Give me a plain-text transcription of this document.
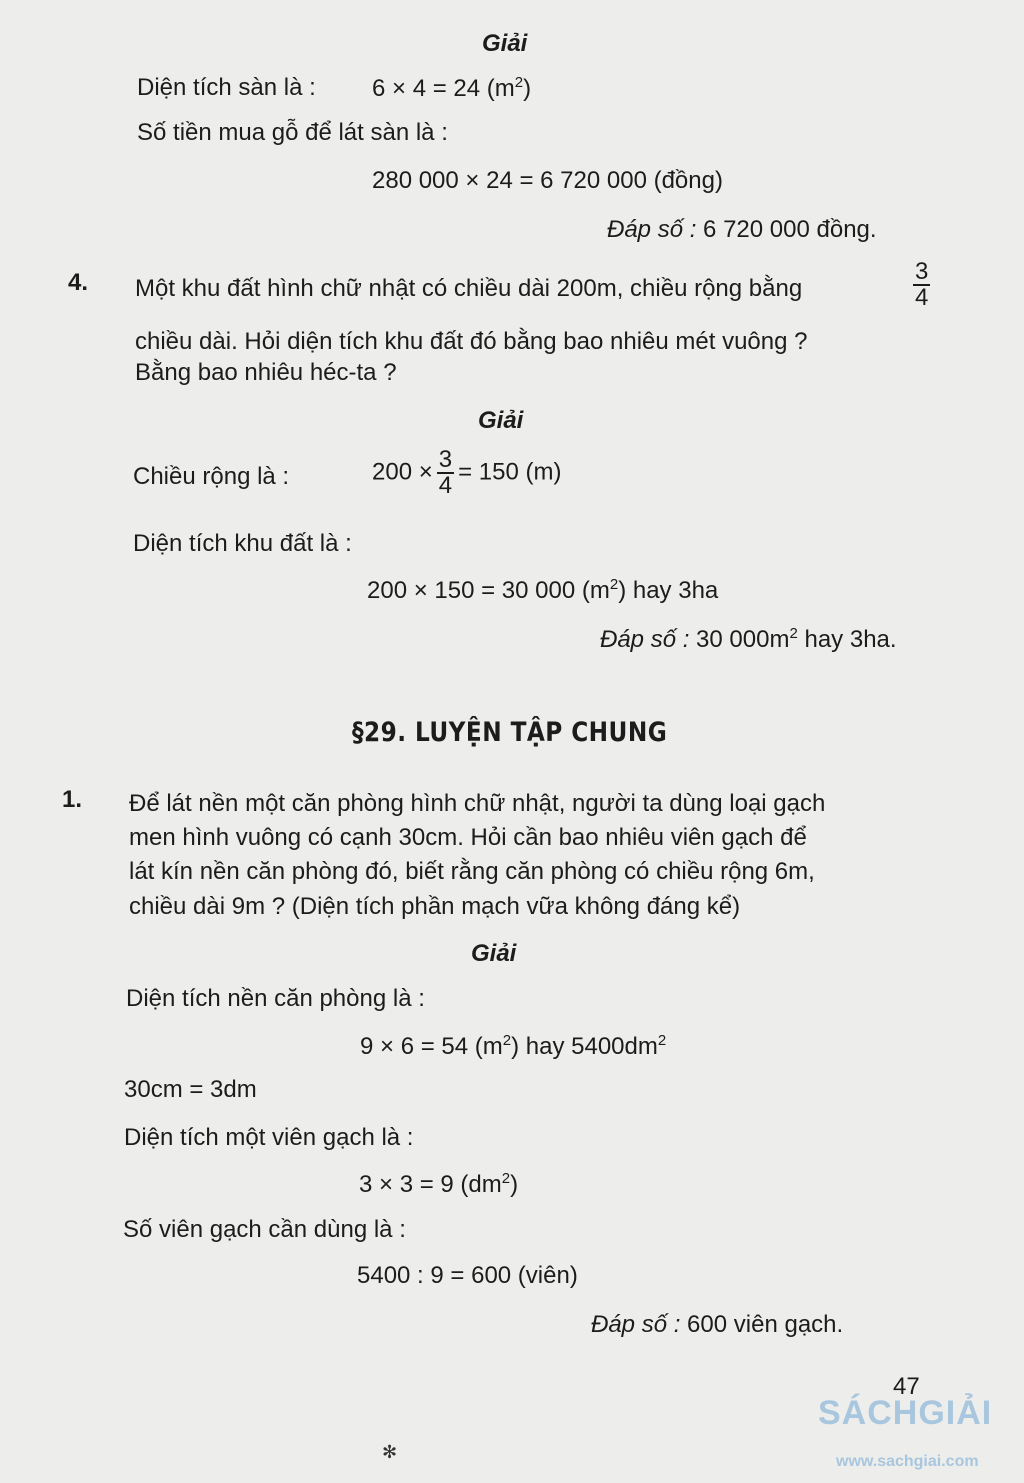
Giải

Diện tích sàn là : 6 × 4 = 24 $(m^2)$

Số tiền mua gỗ để lát sàn là :

280 000 × 24 = 6 720 000 (đồng)

Đáp số : 6 720 000 đồng.

4. Một khu đất hình chữ nhật có chiều dài 200m, chiều rộng bằng	$\frac{3}{4}$

chiều dài. Hỏi diện tích khu đất đó bằng bao nhiêu mét vuông ?

Bằng bao nhiêu héc-ta ?

Giải

Chiều rộng là :	$200 \times \frac{3}{4} = 150$ (m)

Diện tích khu đất là :

200 × 150 = 30 000 $(m^2)$ hay 3ha

Đáp số : 30 $000m^2$ hay 3ha.

§29. LUYỆN TẬP CHUNG

1. Để lát nền một căn phòng hình chữ nhật, người ta dùng loại gạch

men hình vuông có cạnh 30cm. Hỏi cần bao nhiêu viên gạch để

lát kín nền căn phòng đó, biết rằng căn phòng có chiều rộng 6m,

chiều dài 9m ? (Diện tích phần mạch vữa không đáng kể)

Giải

Diện tích nền căn phòng là :

9 × 6 = 54 $(m^2)$ hay $5400dm^2$

30cm = 3dm

Diện tích một viên gạch là :

3 × 3 = 9 $(dm^2)$

Số viên gạch cần dùng là :

5400 : 9 = 600 (viên)

Đáp số : 600 viên gạch.

47
SÁCHGIẢI
www.sachgiai.com
✻
